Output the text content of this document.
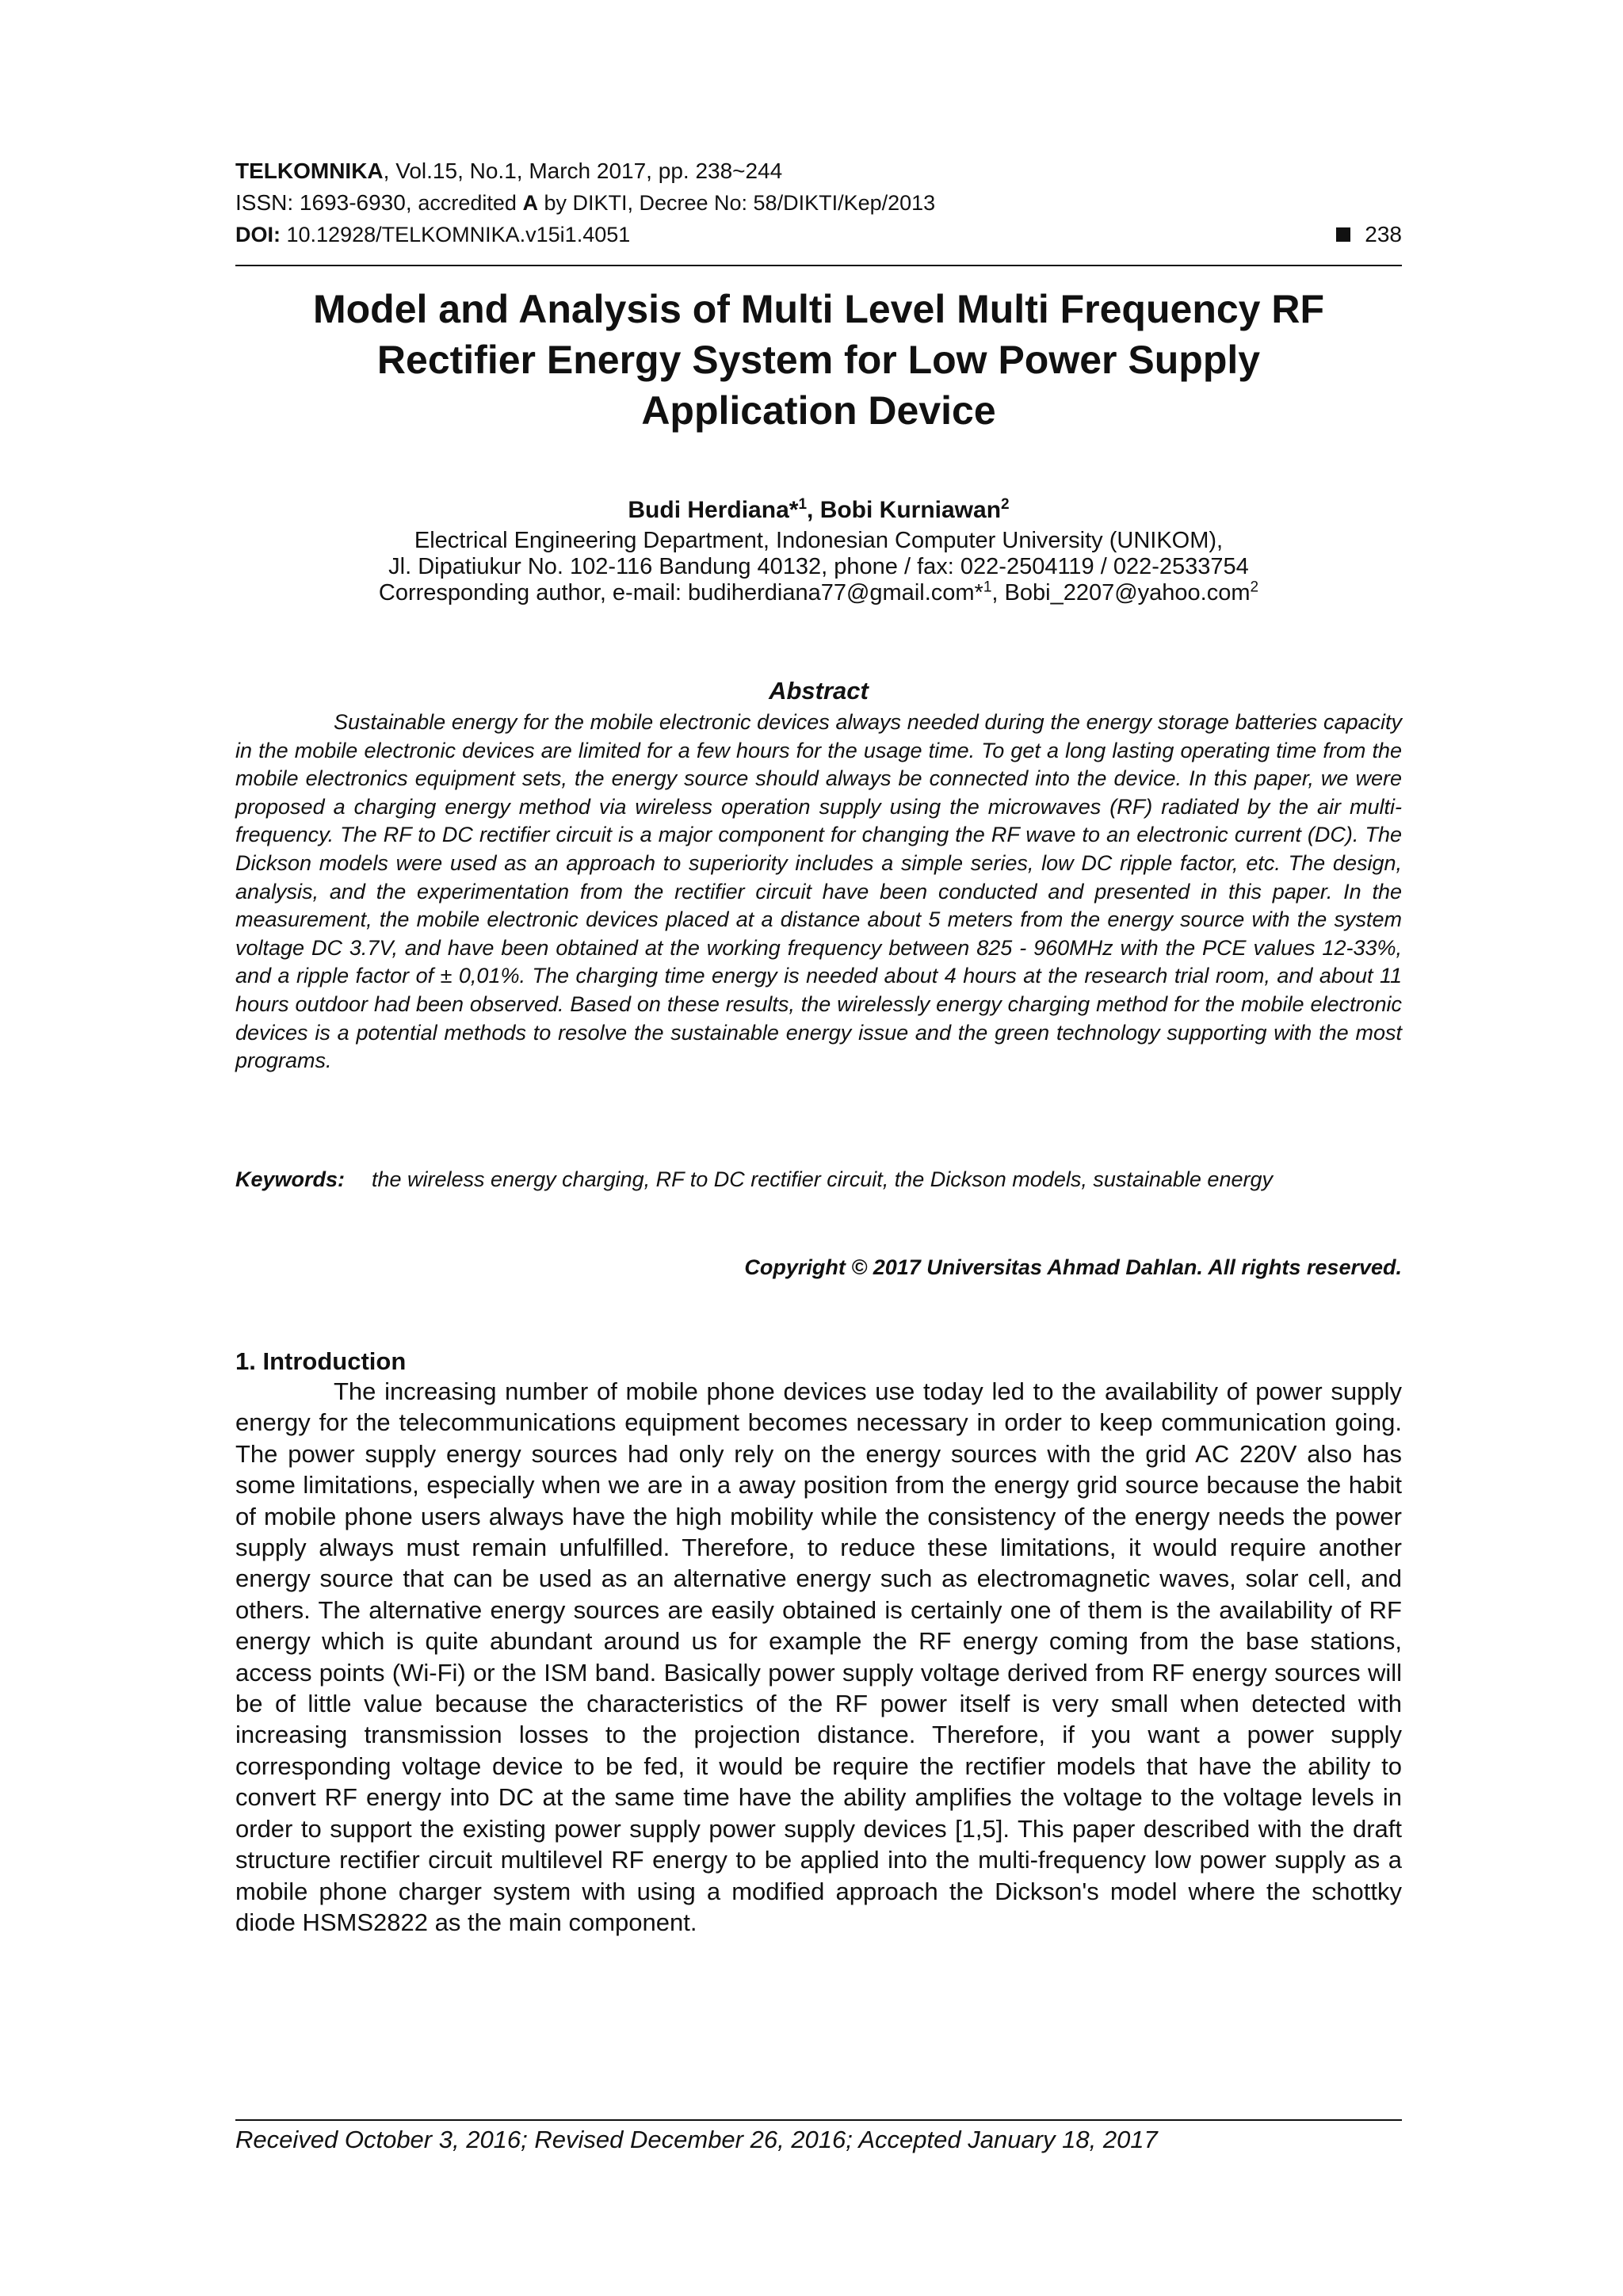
TELKOMNIKA, Vol.15, No.1, March 2017, pp. 238~244
ISSN: 1693-6930, accredited A by DIKTI, Decree No: 58/DIKTI/Kep/2013
DOI: 10.12928/TELKOMNIKA.v15i1.4051	238
Model and Analysis of Multi Level Multi Frequency RF
Rectifier Energy System for Low Power Supply
Application Device
Budi Herdiana*$^1$, Bobi Kurniawan$^2$
Electrical Engineering Department, Indonesian Computer University (UNIKOM),
Jl. Dipatiukur No. 102-116 Bandung 40132, phone / fax: 022-2504119 / 022-2533754
Corresponding author, e-mail: budiherdiana77@gmail.com*$^1$, Bobi_2207@yahoo.com$^2$
Abstract
Sustainable energy for the mobile electronic devices always needed during the energy storage batteries capacity in the mobile electronic devices are limited for a few hours for the usage time. To get a long lasting operating time from the mobile electronics equipment sets, the energy source should always be connected into the device. In this paper, we were proposed a charging energy method via wireless operation supply using the microwaves (RF) radiated by the air multi-frequency. The RF to DC rectifier circuit is a major component for changing the RF wave to an electronic current (DC). The Dickson models were used as an approach to superiority includes a simple series, low DC ripple factor, etc. The design, analysis, and the experimentation from the rectifier circuit have been conducted and presented in this paper. In the measurement, the mobile electronic devices placed at a distance about 5 meters from the energy source with the system voltage DC 3.7V, and have been obtained at the working frequency between 825 - 960MHz with the PCE values 12-33%, and a ripple factor of ± 0,01%. The charging time energy is needed about 4 hours at the research trial room, and about 11 hours outdoor had been observed. Based on these results, the wirelessly energy charging method for the mobile electronic devices is a potential methods to resolve the sustainable energy issue and the green technology supporting with the most programs.
Keywords:	the wireless energy charging, RF to DC rectifier circuit, the Dickson models, sustainable energy
Copyright © 2017 Universitas Ahmad Dahlan. All rights reserved.
1. Introduction
The increasing number of mobile phone devices use today led to the availability of power supply energy for the telecommunications equipment becomes necessary in order to keep communication going. The power supply energy sources had only rely on the energy sources with the grid AC 220V also has some limitations, especially when we are in a away position from the energy grid source because the habit of mobile phone users always have the high mobility while the consistency of the energy needs the power supply always must remain unfulfilled. Therefore, to reduce these limitations, it would require another energy source that can be used as an alternative energy such as electromagnetic waves, solar cell, and others. The alternative energy sources are easily obtained is certainly one of them is the availability of RF energy which is quite abundant around us for example the RF energy coming from the base stations, access points (Wi-Fi) or the ISM band. Basically power supply voltage derived from RF energy sources will be of little value because the characteristics of the RF power itself is very small when detected with increasing transmission losses to the projection distance. Therefore, if you want a power supply corresponding voltage device to be fed, it would be require the rectifier models that have the ability to convert RF energy into DC at the same time have the ability amplifies the voltage to the voltage levels in order to support the existing power supply power supply devices [1,5]. This paper described with the draft structure rectifier circuit multilevel RF energy to be applied into the multi-frequency low power supply as a mobile phone charger system with using a modified approach the Dickson's model where the schottky diode HSMS2822 as the main component.
Received October 3, 2016; Revised December 26, 2016; Accepted January 18, 2017
